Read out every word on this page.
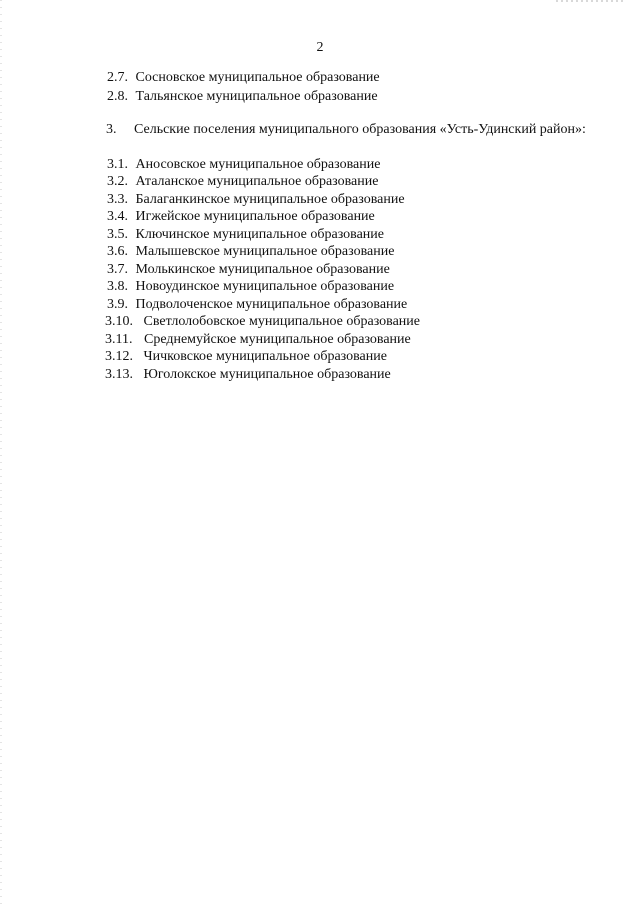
2
2.7. Сосновское муниципальное образование
2.8. Тальянское муниципальное образование
3. Сельские поселения муниципального образования «Усть-Удинский район»:
3.1. Аносовское муниципальное образование
3.2. Аталанское муниципальное образование
3.3. Балаганкинское муниципальное образование
3.4. Игжейское муниципальное образование
3.5. Ключинское муниципальное образование
3.6. Малышевское муниципальное образование
3.7. Молькинское муниципальное образование
3.8. Новоудинское муниципальное образование
3.9. Подволоченское муниципальное образование
3.10. Светлолобовское муниципальное образование
3.11. Среднемуйское муниципальное образование
3.12. Чичковское муниципальное образование
3.13. Юголокское муниципальное образование
